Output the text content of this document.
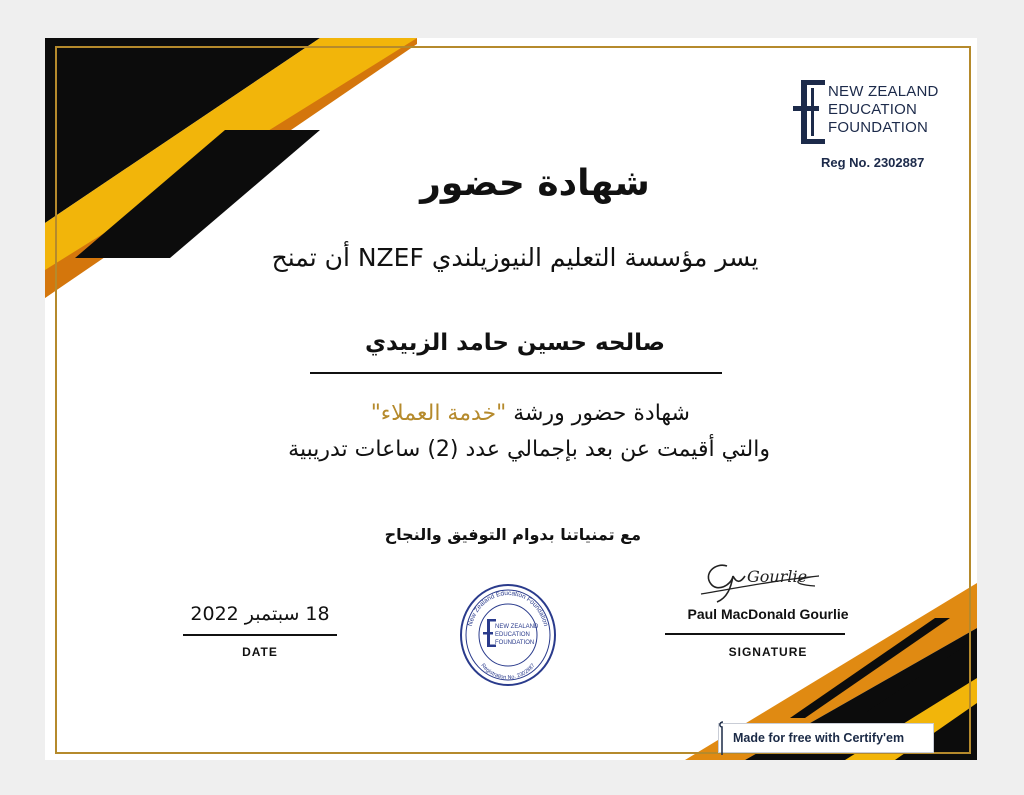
NEW ZEALAND
EDUCATION
FOUNDATION
Reg No. 2302887
شهادة حضور
يسر مؤسسة التعليم النيوزيلندي NZEF أن تمنح
صالحه حسين حامد الزبيدي
شهادة حضور ورشة "خدمة العملاء"
والتي أقيمت عن بعد بإجمالي عدد (2) ساعات تدريبية
مع تمنياتنا بدوام التوفيق والنجاح
18 سبتمبر 2022
DATE
New Zealand Education Foundation
Registration No. 2302887
NEW ZEALAND
EDUCATION
FOUNDATION
Gourlie
Paul MacDonald Gourlie
SIGNATURE
Made for free with Certify'em
